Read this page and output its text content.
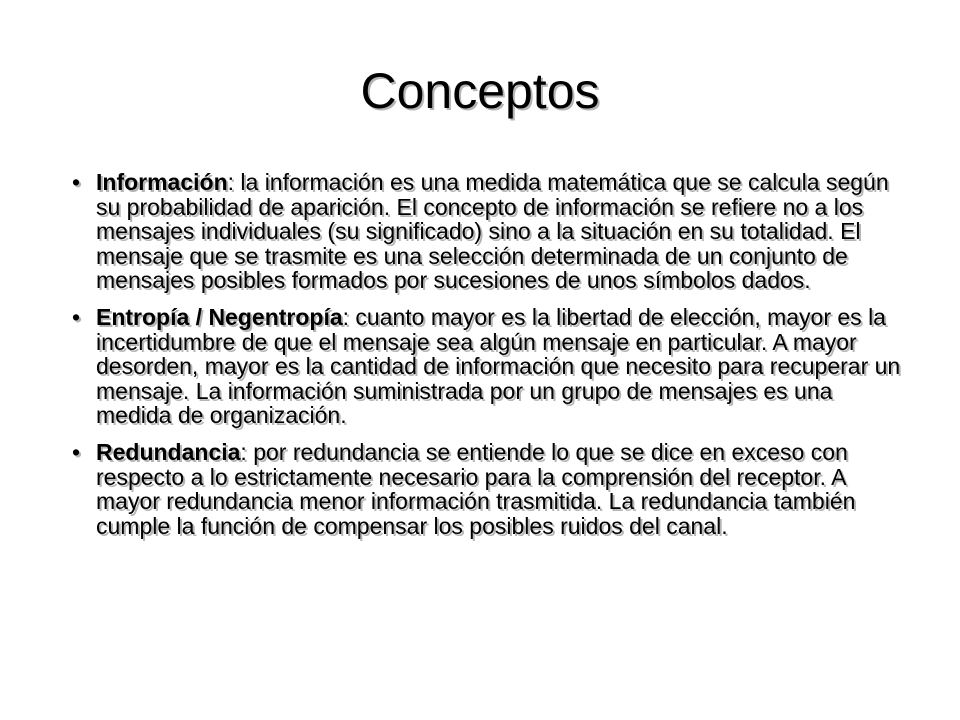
Conceptos
• Información: la información es una medida matemática que se calcula según su probabilidad de aparición. El concepto de información se refiere no a los mensajes individuales (su significado) sino a la situación en su totalidad. El mensaje que se trasmite es una selección determinada de un conjunto de mensajes posibles formados por sucesiones de unos símbolos dados.
• Entropía / Negentropía: cuanto mayor es la libertad de elección, mayor es la incertidumbre de que el mensaje sea algún mensaje en particular. A mayor desorden, mayor es la cantidad de información que necesito para recuperar un mensaje. La información suministrada por un grupo de mensajes es una medida de organización.
• Redundancia: por redundancia se entiende lo que se dice en exceso con respecto a lo estrictamente necesario para la comprensión del receptor. A mayor redundancia menor información trasmitida. La redundancia también cumple la función de compensar los posibles ruidos del canal.
